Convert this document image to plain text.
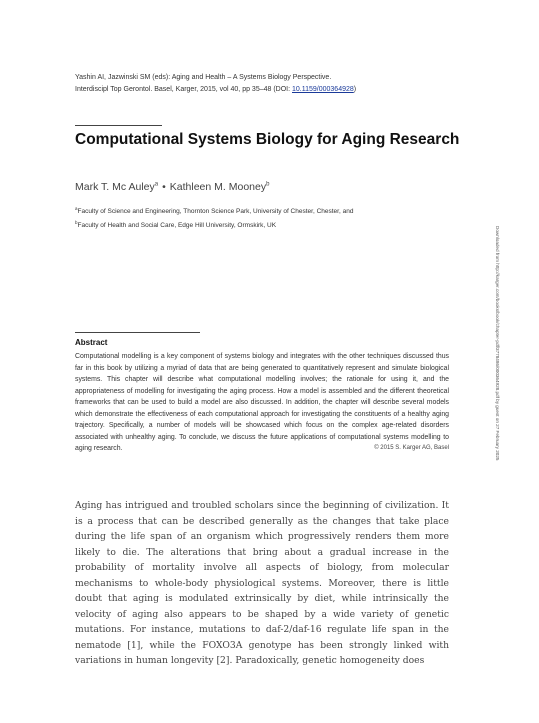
Yashin AI, Jazwinski SM (eds): Aging and Health – A Systems Biology Perspective.
Interdiscipl Top Gerontol. Basel, Karger, 2015, vol 40, pp 35–48 (DOI: 10.1159/000364928)
Computational Systems Biology for Aging Research
Mark T. Mc Auley$^a$ • Kathleen M. Mooney$^b$
$^a$Faculty of Science and Engineering, Thornton Science Park, University of Chester, Chester, and
$^b$Faculty of Health and Social Care, Edge Hill University, Ormskirk, UK
Abstract

Computational modelling is a key component of systems biology and integrates with the other techniques discussed thus far in this book by utilizing a myriad of data that are being generated to quantitatively represent and simulate biological systems. This chapter will describe what computational modelling involves; the rationale for using it, and the appropriateness of modelling for investigating the aging process. How a model is assembled and the different theoretical frameworks that can be used to build a model are also discussed. In addition, the chapter will describe several models which demonstrate the effectiveness of each computational approach for investigating the constituents of a healthy aging trajectory. Specifically, a number of models will be showcased which focus on the complex age-related disorders associated with unhealthy aging. To conclude, we discuss the future applications of computational systems modelling to aging research.	© 2015 S. Karger AG, Basel

Aging has intrigued and troubled scholars since the beginning of civilization. It is a process that can be described generally as the changes that take place during the life span of an organism which progressively renders them more likely to die. The alterations that bring about a gradual increase in the probability of mortality involve all aspects of biology, from molecular mechanisms to whole-body physiological systems. Moreover, there is little doubt that aging is modulated extrinsically by diet, while intrinsically the velocity of aging also appears to be shaped by a wide variety of genetic mutations. For instance, mutations to daf-2/daf-16 regulate life span in the nematode [1], while the FOXO3A genotype has been strongly linked with variations in human longevity [2]. Paradoxically, genetic homogeneity does

Downloaded from http://karger.com/books/book/chapter-pdf/3778486/000364928.pdf by guest on 27 February 2025
